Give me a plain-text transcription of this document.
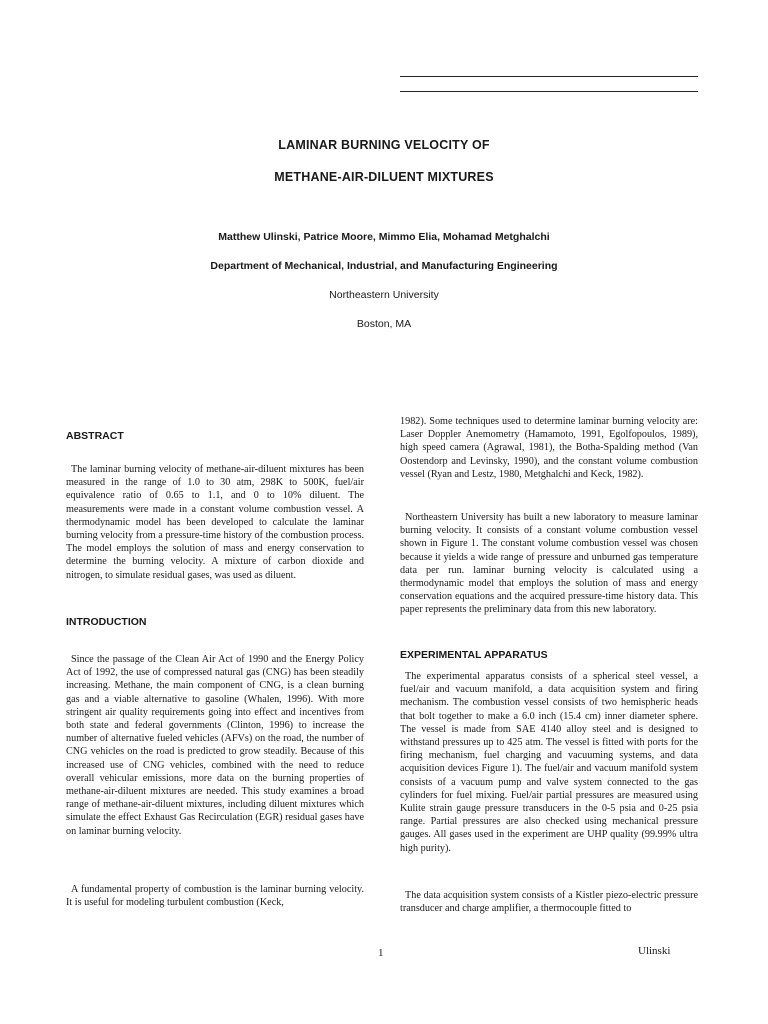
LAMINAR BURNING VELOCITY OF
METHANE-AIR-DILUENT MIXTURES
Matthew Ulinski, Patrice Moore, Mimmo Elia, Mohamad Metghalchi
Department of Mechanical, Industrial, and Manufacturing Engineering
Northeastern University
Boston, MA
ABSTRACT

The laminar burning velocity of methane-air-diluent mixtures has been measured in the range of 1.0 to 30 atm, 298K to 500K, fuel/air equivalence ratio of 0.65 to 1.1, and 0 to 10% diluent. The measurements were made in a constant volume combustion vessel. A thermodynamic model has been developed to calculate the laminar burning velocity from a pressure-time history of the combustion process. The model employs the solution of mass and energy conservation to determine the burning velocity. A mixture of carbon dioxide and nitrogen, to simulate residual gases, was used as diluent.

INTRODUCTION

Since the passage of the Clean Air Act of 1990 and the Energy Policy Act of 1992, the use of compressed natural gas (CNG) has been steadily increasing. Methane, the main component of CNG, is a clean burning gas and a viable alternative to gasoline (Whalen, 1996). With more stringent air quality requirements going into effect and incentives from both state and federal governments (Clinton, 1996) to increase the number of alternative fueled vehicles (AFVs) on the road, the number of CNG vehicles on the road is predicted to grow steadily. Because of this increased use of CNG vehicles, combined with the need to reduce overall vehicular emissions, more data on the burning properties of methane-air-diluent mixtures are needed. This study examines a broad range of methane-air-diluent mixtures, including diluent mixtures which simulate the effect Exhaust Gas Recirculation (EGR) residual gases have on laminar burning velocity.

A fundamental property of combustion is the laminar burning velocity. It is useful for modeling turbulent combustion (Keck,

1982). Some techniques used to determine laminar burning velocity are: Laser Doppler Anemometry (Hamamoto, 1991, Egolfopoulos, 1989), high speed camera (Agrawal, 1981), the Botha-Spalding method (Van Oostendorp and Levinsky, 1990), and the constant volume combustion vessel (Ryan and Lestz, 1980, Metghalchi and Keck, 1982).

Northeastern University has built a new laboratory to measure laminar burning velocity. It consists of a constant volume combustion vessel shown in Figure 1. The constant volume combustion vessel was chosen because it yields a wide range of pressure and unburned gas temperature data per run. laminar burning velocity is calculated using a thermodynamic model that employs the solution of mass and energy conservation equations and the acquired pressure-time history data. This paper represents the preliminary data from this new laboratory.

EXPERIMENTAL APPARATUS

The experimental apparatus consists of a spherical steel vessel, a fuel/air and vacuum manifold, a data acquisition system and firing mechanism. The combustion vessel consists of two hemispheric heads that bolt together to make a 6.0 inch (15.4 cm) inner diameter sphere. The vessel is made from SAE 4140 alloy steel and is designed to withstand pressures up to 425 atm. The vessel is fitted with ports for the firing mechanism, fuel charging and vacuuming systems, and data acquisition devices Figure 1). The fuel/air and vacuum manifold system consists of a vacuum pump and valve system connected to the gas cylinders for fuel mixing. Fuel/air partial pressures are measured using Kulite strain gauge pressure transducers in the 0-5 psia and 0-25 psia range. Partial pressures are also checked using mechanical pressure gauges. All gases used in the experiment are UHP quality (99.99% ultra high purity).

The data acquisition system consists of a Kistler piezo-electric pressure transducer and charge amplifier, a thermocouple fitted to

1	Ulinski
